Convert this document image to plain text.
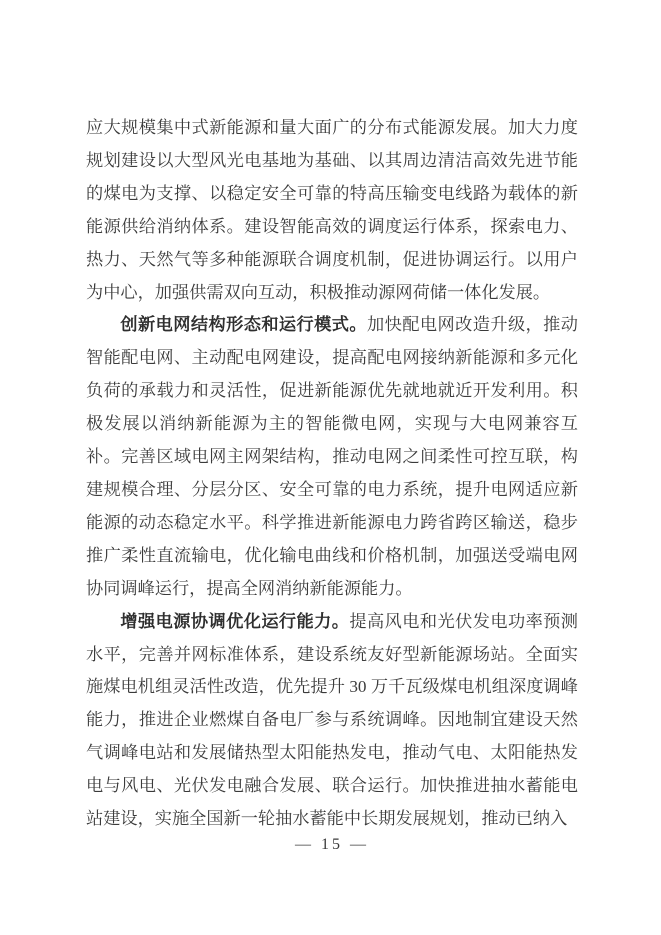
应大规模集中式新能源和量大面广的分布式能源发展。加大力度规划建设以大型风光电基地为基础、以其周边清洁高效先进节能的煤电为支撑、以稳定安全可靠的特高压输变电线路为载体的新能源供给消纳体系。建设智能高效的调度运行体系，探索电力、热力、天然气等多种能源联合调度机制，促进协调运行。以用户为中心，加强供需双向互动，积极推动源网荷储一体化发展。

创新电网结构形态和运行模式。加快配电网改造升级，推动智能配电网、主动配电网建设，提高配电网接纳新能源和多元化负荷的承载力和灵活性，促进新能源优先就地就近开发利用。积极发展以消纳新能源为主的智能微电网，实现与大电网兼容互补。完善区域电网主网架结构，推动电网之间柔性可控互联，构建规模合理、分层分区、安全可靠的电力系统，提升电网适应新能源的动态稳定水平。科学推进新能源电力跨省跨区输送，稳步推广柔性直流输电，优化输电曲线和价格机制，加强送受端电网协同调峰运行，提高全网消纳新能源能力。

增强电源协调优化运行能力。提高风电和光伏发电功率预测水平，完善并网标准体系，建设系统友好型新能源场站。全面实施煤电机组灵活性改造，优先提升 30 万千瓦级煤电机组深度调峰能力，推进企业燃煤自备电厂参与系统调峰。因地制宜建设天然气调峰电站和发展储热型太阳能热发电，推动气电、太阳能热发电与风电、光伏发电融合发展、联合运行。加快推进抽水蓄能电站建设，实施全国新一轮抽水蓄能中长期发展规划，推动已纳入

— 15 —
